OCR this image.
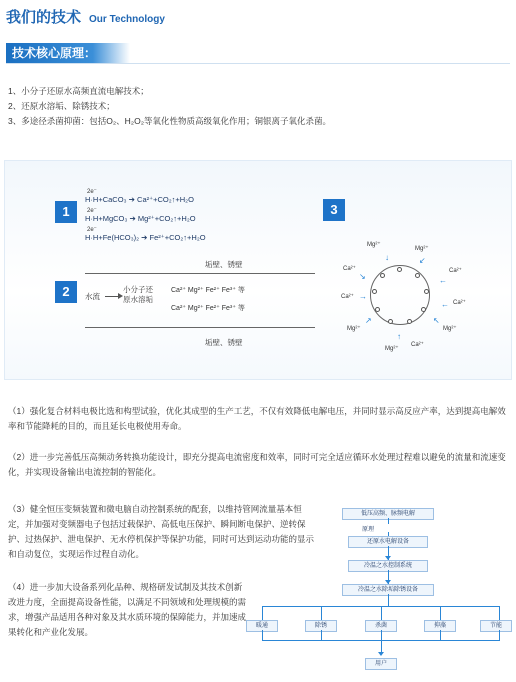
我们的技术 Our Technology
技术核心原理：
1、小分子还原水高频直流电解技术；
2、还原水溶垢、除锈技术；
3、多途径杀菌抑菌：包括O₂、H₂O₂等氧化性物质高级氧化作用；铜银离子氧化杀菌。
1
2e⁻
H·H+CaCO₃ ➔ Ca²⁺+CO₂↑+H₂O
2e⁻
H·H+MgCO₃ ➔ Mg²⁺+CO₂↑+H₂O
2e⁻
H·H+Fe(HCO₃)₂ ➔ Fe²⁺+CO₂↑+H₂O
2
垢壁、锈壁
水流
小分子还
原水溶垢
Ca²⁺ Mg²⁺ Fe²⁺ Fe³⁺ 等
Ca²⁺ Mg²⁺ Fe²⁺ Fe³⁺ 等
垢壁、锈壁
3
Mg²⁺
Mg²⁺
Ca²⁺	Ca²⁺
Ca²⁺
Ca²⁺
Mg²⁺	Mg²⁺
Mg²⁺
Ca²⁺
↓	↙
↘	←
→
←
↗	↖
↑
（1）强化复合材料电极比选和构型试验，优化其成型的生产工艺，不仅有效降低电解电压，并同时显示高反应产率，达到提高电解效率和节能降耗的目的，而且延长电极使用寿命。
（2）进一步完善低压高频动务转换功能设计，即充分提高电流密度和效率，同时可完全适应循环水处理过程难以避免的流量和流速变化，并实现设备输出电流控制的智能化。
（3）健全恒压变频装置和微电脑自动控制系统的配套，以维持管网流量基本恒定，并加强对变频器电子包括过载保护、高低电压保护、瞬间断电保护、逆转保护、过热保护、泄电保护、无水停机保护等保护功能，同时可达到运动功能的显示和自动复位，实现运作过程自动化。
（4）进一步加大设备系列化品种、规格研发试制及其技术创新改进力度，全面提高设备性能，以满足不同领域和处理规模的需求，增强产品适用各种对象及其水质环境的保障能力，并加速成果转化和产业化发展。
低压高频、脉频电解
原理
还原水电解设备
冷温之水控制系统
冷温之水除垢除锈设备
暖通	除锈	杀菌	抑藻	节能
用户
